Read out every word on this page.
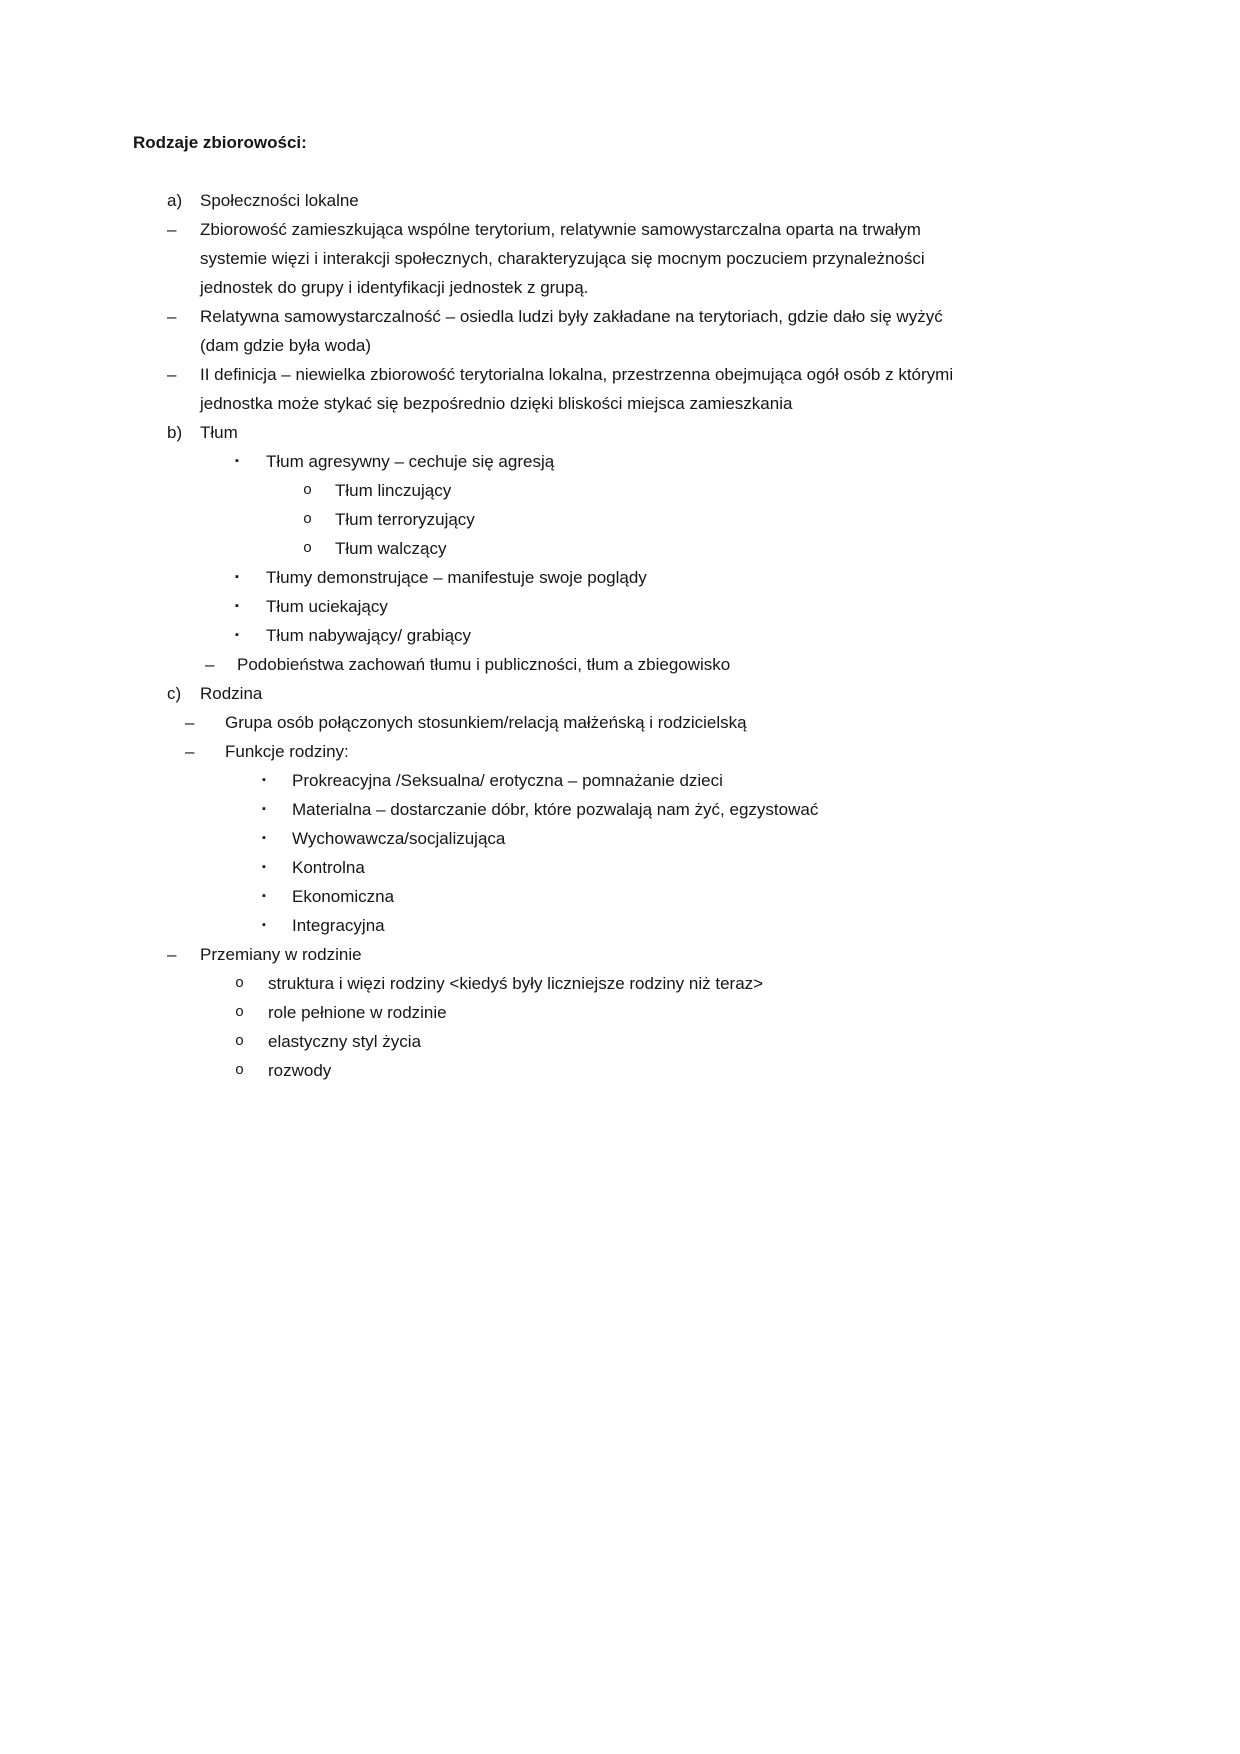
Rodzaje zbiorowości:

a)	Społeczności lokalne
–	Zbiorowość zamieszkująca wspólne terytorium, relatywnie samowystarczalna oparta na trwałym systemie więzi i interakcji społecznych, charakteryzująca się mocnym poczuciem przynależności jednostek do grupy i identyfikacji jednostek z grupą.
–	Relatywna samowystarczalność – osiedla ludzi były zakładane na terytoriach, gdzie dało się wyżyć (dam gdzie była woda)
–	II definicja – niewielka zbiorowość terytorialna lokalna, przestrzenna obejmująca ogół osób z którymi jednostka może stykać się bezpośrednio dzięki bliskości miejsca zamieszkania
b)	Tłum
▪	Tłum agresywny – cechuje się agresją
o	Tłum linczujący
o	Tłum terroryzujący
o	Tłum walczący
▪	Tłumy demonstrujące – manifestuje swoje poglądy
▪	Tłum uciekający
▪	Tłum nabywający/ grabiący
–	Podobieństwa zachowań tłumu i publiczności, tłum a zbiegowisko
c)	Rodzina
–	Grupa osób połączonych stosunkiem/relacją małżeńską i rodzicielską
–	Funkcje rodziny:
▪	Prokreacyjna /Seksualna/ erotyczna – pomnażanie dzieci
▪	Materialna – dostarczanie dóbr, które pozwalają nam żyć, egzystować
▪	Wychowawcza/socjalizująca
▪	Kontrolna
▪	Ekonomiczna
▪	Integracyjna
–	Przemiany w rodzinie
o	struktura i więzi rodziny <kiedyś były liczniejsze rodziny niż teraz>
o	role pełnione w rodzinie
o	elastyczny styl życia
o	rozwody
